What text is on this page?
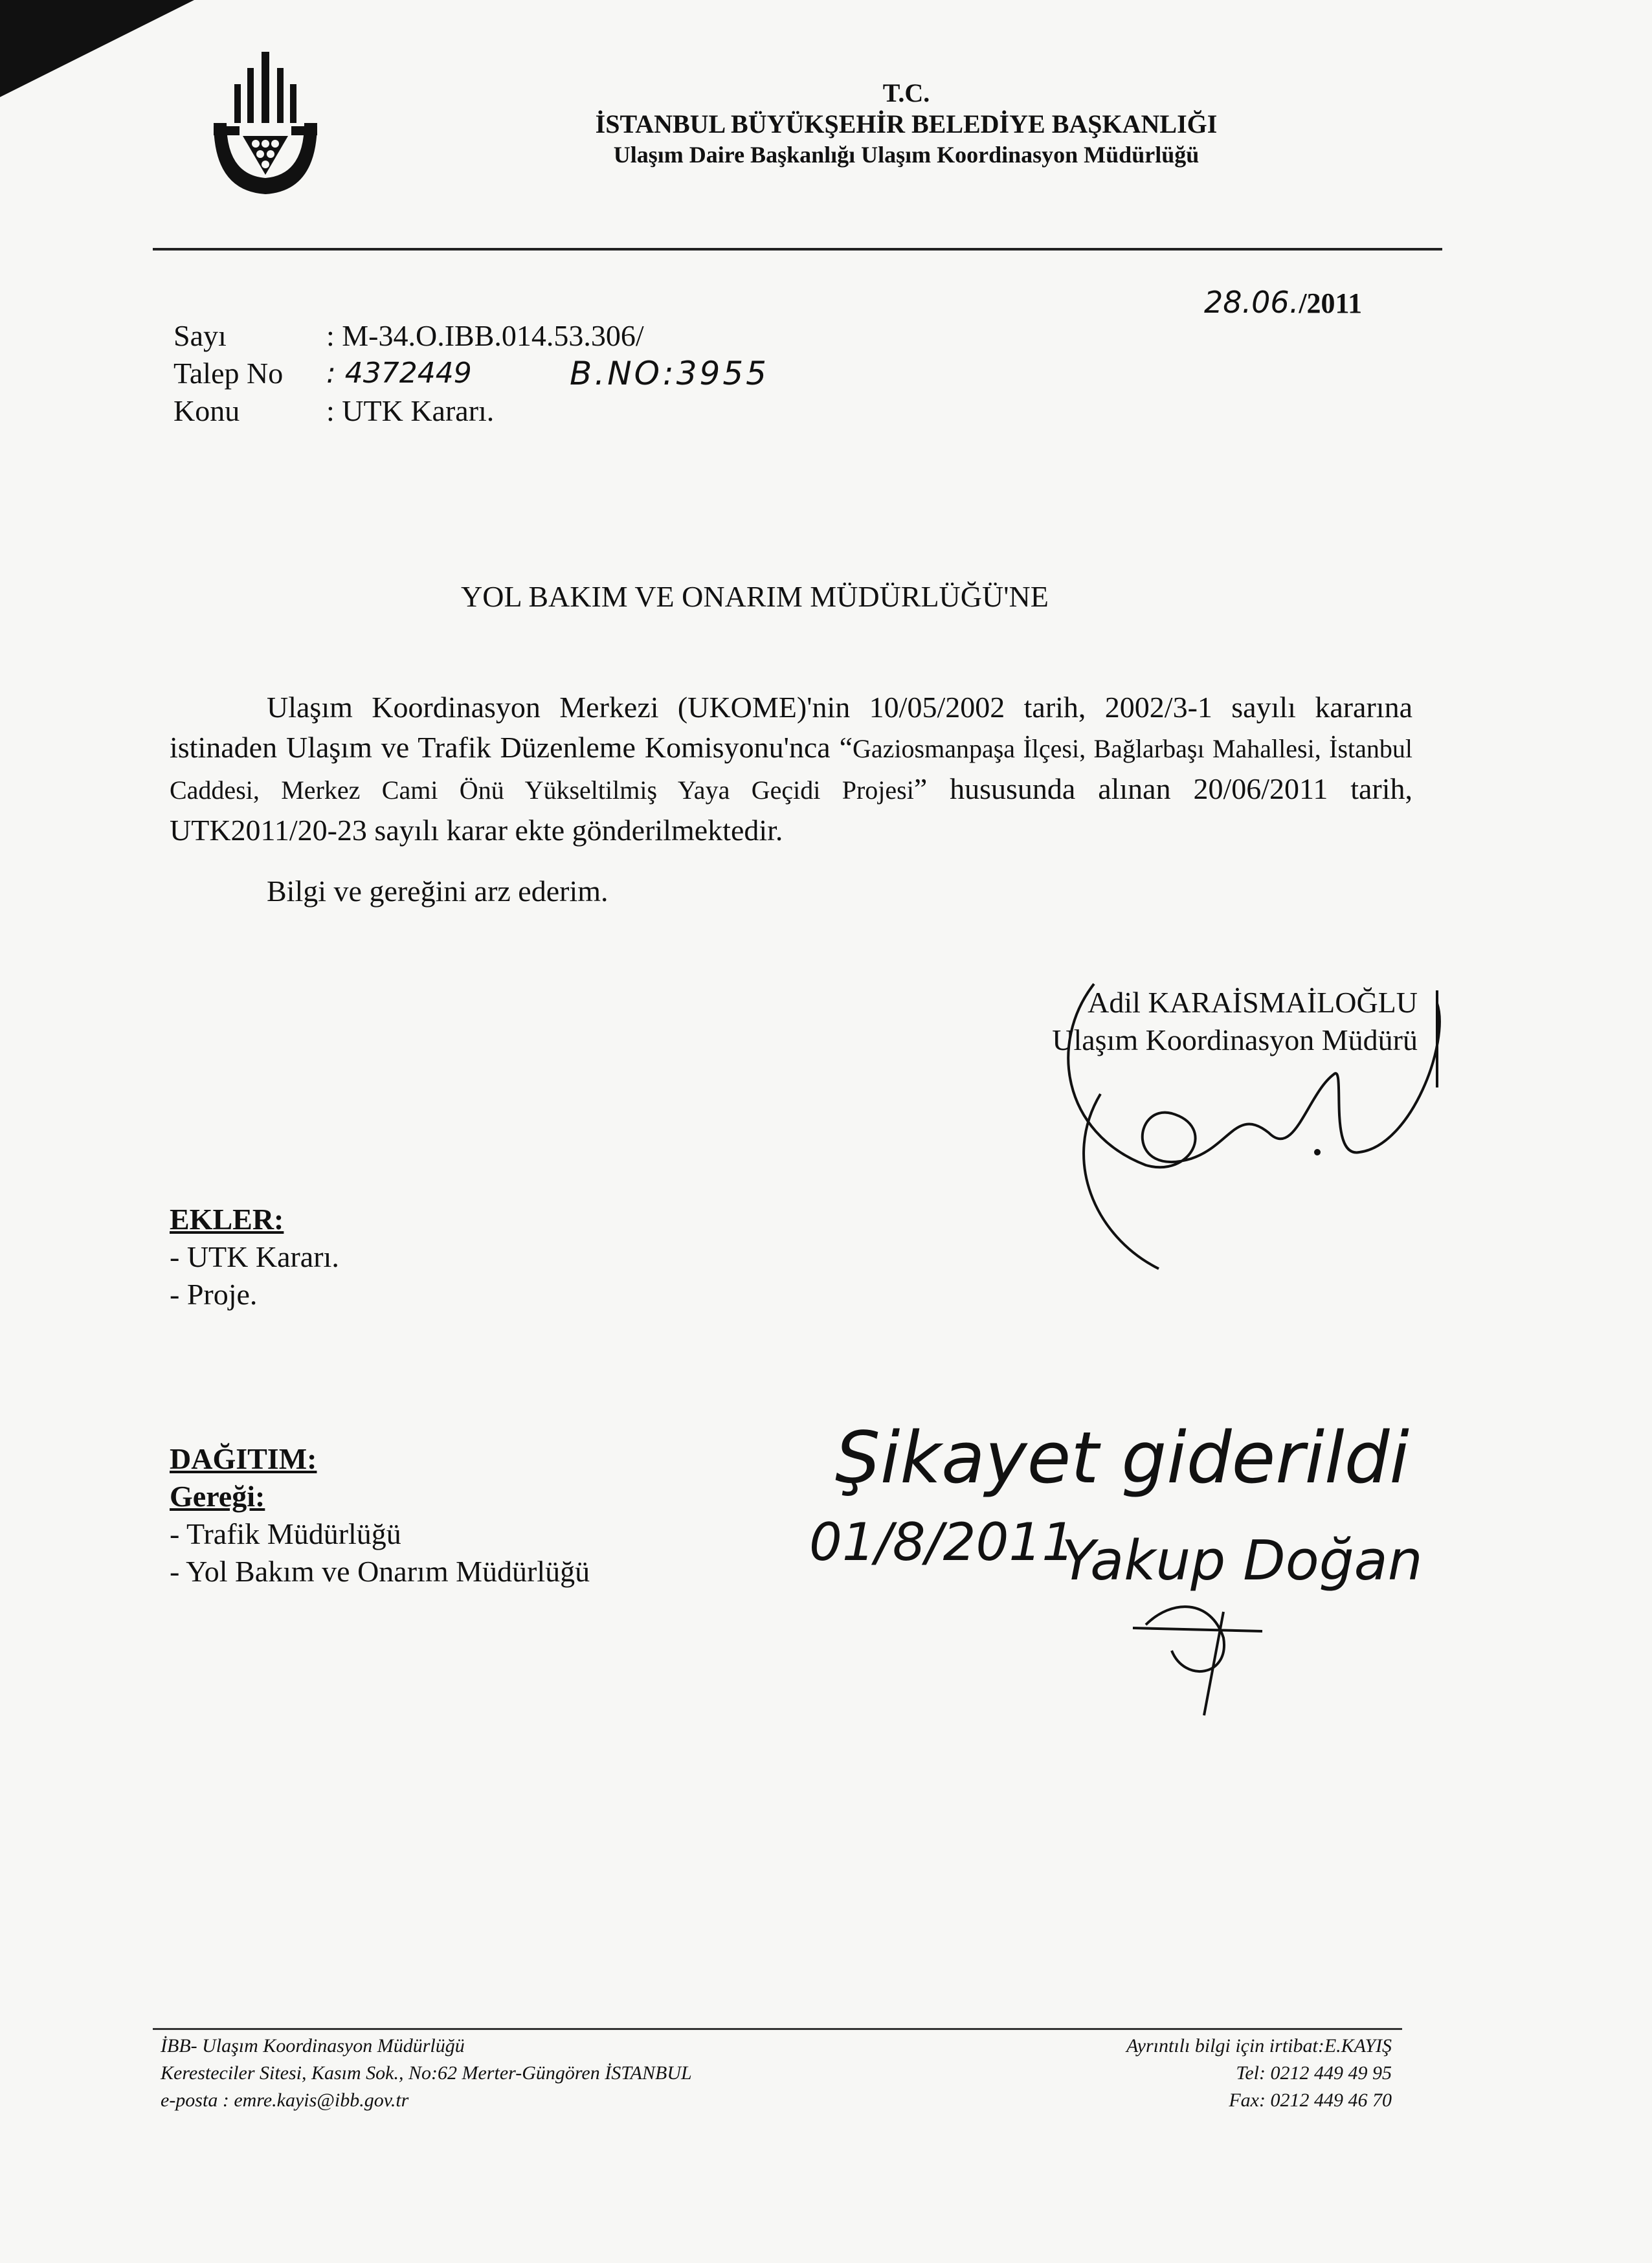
T.C.
İSTANBUL BÜYÜKŞEHİR BELEDİYE BAŞKANLIĞI
Ulaşım Daire Başkanlığı Ulaşım Koordinasyon Müdürlüğü
28.06./2011
Sayı	: M-34.O.IBB.014.53.306/
Talep No	: 4372449
Konu	: UTK Kararı.
B.NO:3955
YOL BAKIM VE ONARIM MÜDÜRLÜĞÜ'NE

Ulaşım Koordinasyon Merkezi (UKOME)'nin 10/05/2002 tarih, 2002/3-1 sayılı kararına istinaden Ulaşım ve Trafik Düzenleme Komisyonu'nca “Gaziosmanpaşa İlçesi, Bağlarbaşı Mahallesi, İstanbul Caddesi, Merkez Cami Önü Yükseltilmiş Yaya Geçidi Projesi” hususunda alınan 20/06/2011 tarih, UTK2011/20-23 sayılı karar ekte gönderilmektedir.

Bilgi ve gereğini arz ederim.
Adil KARAİSMAİLOĞLU
Ulaşım Koordinasyon Müdürü
EKLER:
- UTK Kararı.
- Proje.
DAĞITIM:
Gereği:
- Trafik Müdürlüğü
- Yol Bakım ve Onarım Müdürlüğü
Şikayet giderildi
01/8/2011
Yakup Doğan
İBB- Ulaşım Koordinasyon Müdürlüğü
Keresteciler Sitesi, Kasım Sok., No:62 Merter-Güngören İSTANBUL
e-posta : emre.kayis@ibb.gov.tr
Ayrıntılı bilgi için irtibat:E.KAYIŞ
Tel: 0212 449 49 95
Fax: 0212 449 46 70
